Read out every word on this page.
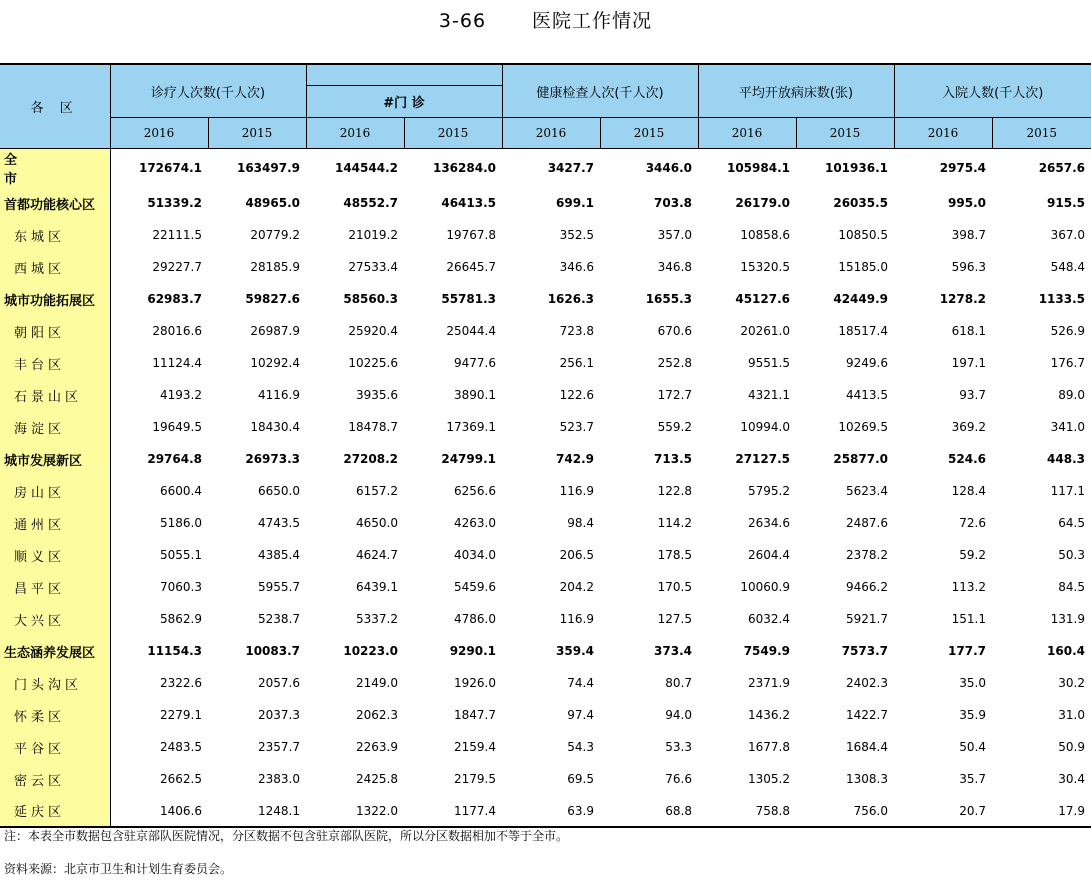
3-66 医院工作情况
各 区	诊疗人次数(千人次)				健康检查人次(千人次)		平均开放病床数(张)		入院人数(千人次)	
			#门 诊							
	2016	2015	2016	2015	2016	2015	2016	2015	2016	2015
全 市	172674.1	163497.9	144544.2	136284.0	3427.7	3446.0	105984.1	101936.1	2975.4	2657.6
首都功能核心区	51339.2	48965.0	48552.7	46413.5	699.1	703.8	26179.0	26035.5	995.0	915.5
东城区	22111.5	20779.2	21019.2	19767.8	352.5	357.0	10858.6	10850.5	398.7	367.0
西城区	29227.7	28185.9	27533.4	26645.7	346.6	346.8	15320.5	15185.0	596.3	548.4
城市功能拓展区	62983.7	59827.6	58560.3	55781.3	1626.3	1655.3	45127.6	42449.9	1278.2	1133.5
朝阳区	28016.6	26987.9	25920.4	25044.4	723.8	670.6	20261.0	18517.4	618.1	526.9
丰台区	11124.4	10292.4	10225.6	9477.6	256.1	252.8	9551.5	9249.6	197.1	176.7
石景山区	4193.2	4116.9	3935.6	3890.1	122.6	172.7	4321.1	4413.5	93.7	89.0
海淀区	19649.5	18430.4	18478.7	17369.1	523.7	559.2	10994.0	10269.5	369.2	341.0
城市发展新区	29764.8	26973.3	27208.2	24799.1	742.9	713.5	27127.5	25877.0	524.6	448.3
房山区	6600.4	6650.0	6157.2	6256.6	116.9	122.8	5795.2	5623.4	128.4	117.1
通州区	5186.0	4743.5	4650.0	4263.0	98.4	114.2	2634.6	2487.6	72.6	64.5
顺义区	5055.1	4385.4	4624.7	4034.0	206.5	178.5	2604.4	2378.2	59.2	50.3
昌平区	7060.3	5955.7	6439.1	5459.6	204.2	170.5	10060.9	9466.2	113.2	84.5
大兴区	5862.9	5238.7	5337.2	4786.0	116.9	127.5	6032.4	5921.7	151.1	131.9
生态涵养发展区	11154.3	10083.7	10223.0	9290.1	359.4	373.4	7549.9	7573.7	177.7	160.4
门头沟区	2322.6	2057.6	2149.0	1926.0	74.4	80.7	2371.9	2402.3	35.0	30.2
怀柔区	2279.1	2037.3	2062.3	1847.7	97.4	94.0	1436.2	1422.7	35.9	31.0
平谷区	2483.5	2357.7	2263.9	2159.4	54.3	53.3	1677.8	1684.4	50.4	50.9
密云区	2662.5	2383.0	2425.8	2179.5	69.5	76.6	1305.2	1308.3	35.7	30.4
延庆区	1406.6	1248.1	1322.0	1177.4	63.9	68.8	758.8	756.0	20.7	17.9
注：本表全市数据包含驻京部队医院情况，分区数据不包含驻京部队医院，所以分区数据相加不等于全市。
资料来源：北京市卫生和计划生育委员会。
